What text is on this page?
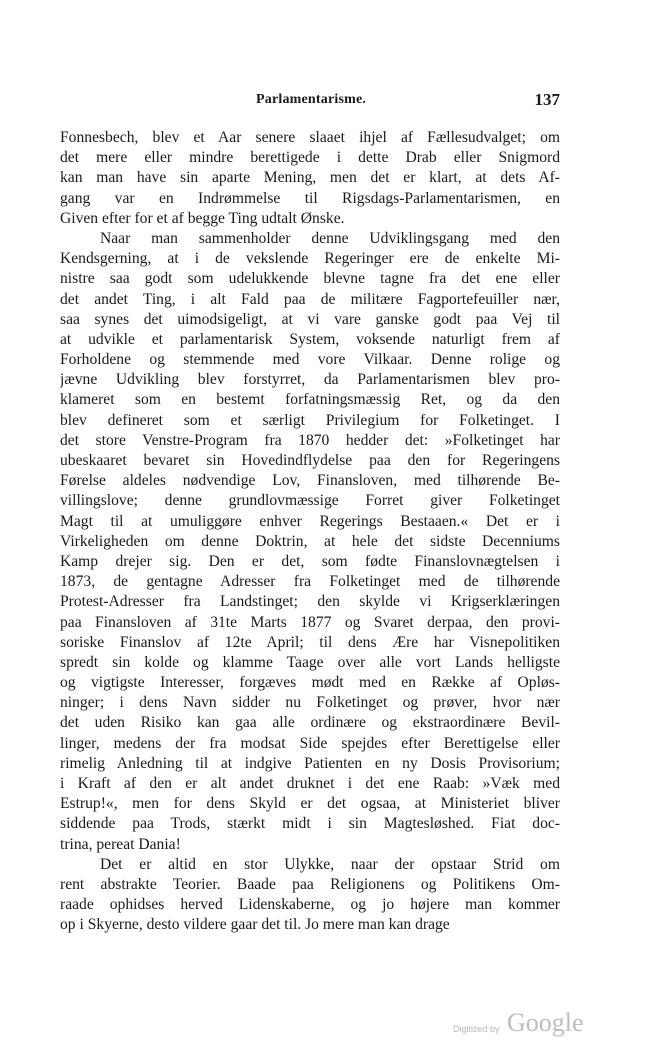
Parlamentarisme.	137
Fonnesbech, blev et Aar senere slaaet ihjel af Fællesudvalget; om
det mere eller mindre berettigede i dette Drab eller Snigmord
kan man have sin aparte Mening, men det er klart, at dets Af-
gang var en Indrømmelse til Rigsdags-Parlamentarismen, en
Given efter for et af begge Ting udtalt Ønske.
Naar man sammenholder denne Udviklingsgang med den
Kendsgerning, at i de vekslende Regeringer ere de enkelte Mi-
nistre saa godt som udelukkende blevne tagne fra det ene eller
det andet Ting, i alt Fald paa de militære Fagportefeuiller nær,
saa synes det uimodsigeligt, at vi vare ganske godt paa Vej til
at udvikle et parlamentarisk System, voksende naturligt frem af
Forholdene og stemmende med vore Vilkaar. Denne rolige og
jævne Udvikling blev forstyrret, da Parlamentarismen blev pro-
klameret som en bestemt forfatningsmæssig Ret, og da den
blev defineret som et særligt Privilegium for Folketinget. I
det store Venstre-Program fra 1870 hedder det: »Folketinget har
ubeskaaret bevaret sin Hovedindflydelse paa den for Regeringens
Førelse aldeles nødvendige Lov, Finansloven, med tilhørende Be-
villingslove; denne grundlovmæssige Forret giver Folketinget
Magt til at umuliggøre enhver Regerings Bestaaen.« Det er i
Virkeligheden om denne Doktrin, at hele det sidste Decenniums
Kamp drejer sig. Den er det, som fødte Finanslovnægtelsen i
1873, de gentagne Adresser fra Folketinget med de tilhørende
Protest-Adresser fra Landstinget; den skylde vi Krigserklæringen
paa Finansloven af 31te Marts 1877 og Svaret derpaa, den provi-
soriske Finanslov af 12te April; til dens Ære har Visnepolitiken
spredt sin kolde og klamme Taage over alle vort Lands helligste
og vigtigste Interesser, forgæves mødt med en Række af Opløs-
ninger; i dens Navn sidder nu Folketinget og prøver, hvor nær
det uden Risiko kan gaa alle ordinære og ekstraordinære Bevil-
linger, medens der fra modsat Side spejdes efter Berettigelse eller
rimelig Anledning til at indgive Patienten en ny Dosis Provisorium;
i Kraft af den er alt andet druknet i det ene Raab: »Væk med
Estrup!«, men for dens Skyld er det ogsaa, at Ministeriet bliver
siddende paa Trods, stærkt midt i sin Magtesløshed. Fiat doc-
trina, pereat Dania!
Det er altid en stor Ulykke, naar der opstaar Strid om
rent abstrakte Teorier. Baade paa Religionens og Politikens Om-
raade ophidses herved Lidenskaberne, og jo højere man kommer
op i Skyerne, desto vildere gaar det til. Jo mere man kan drage
Digitized by Google
